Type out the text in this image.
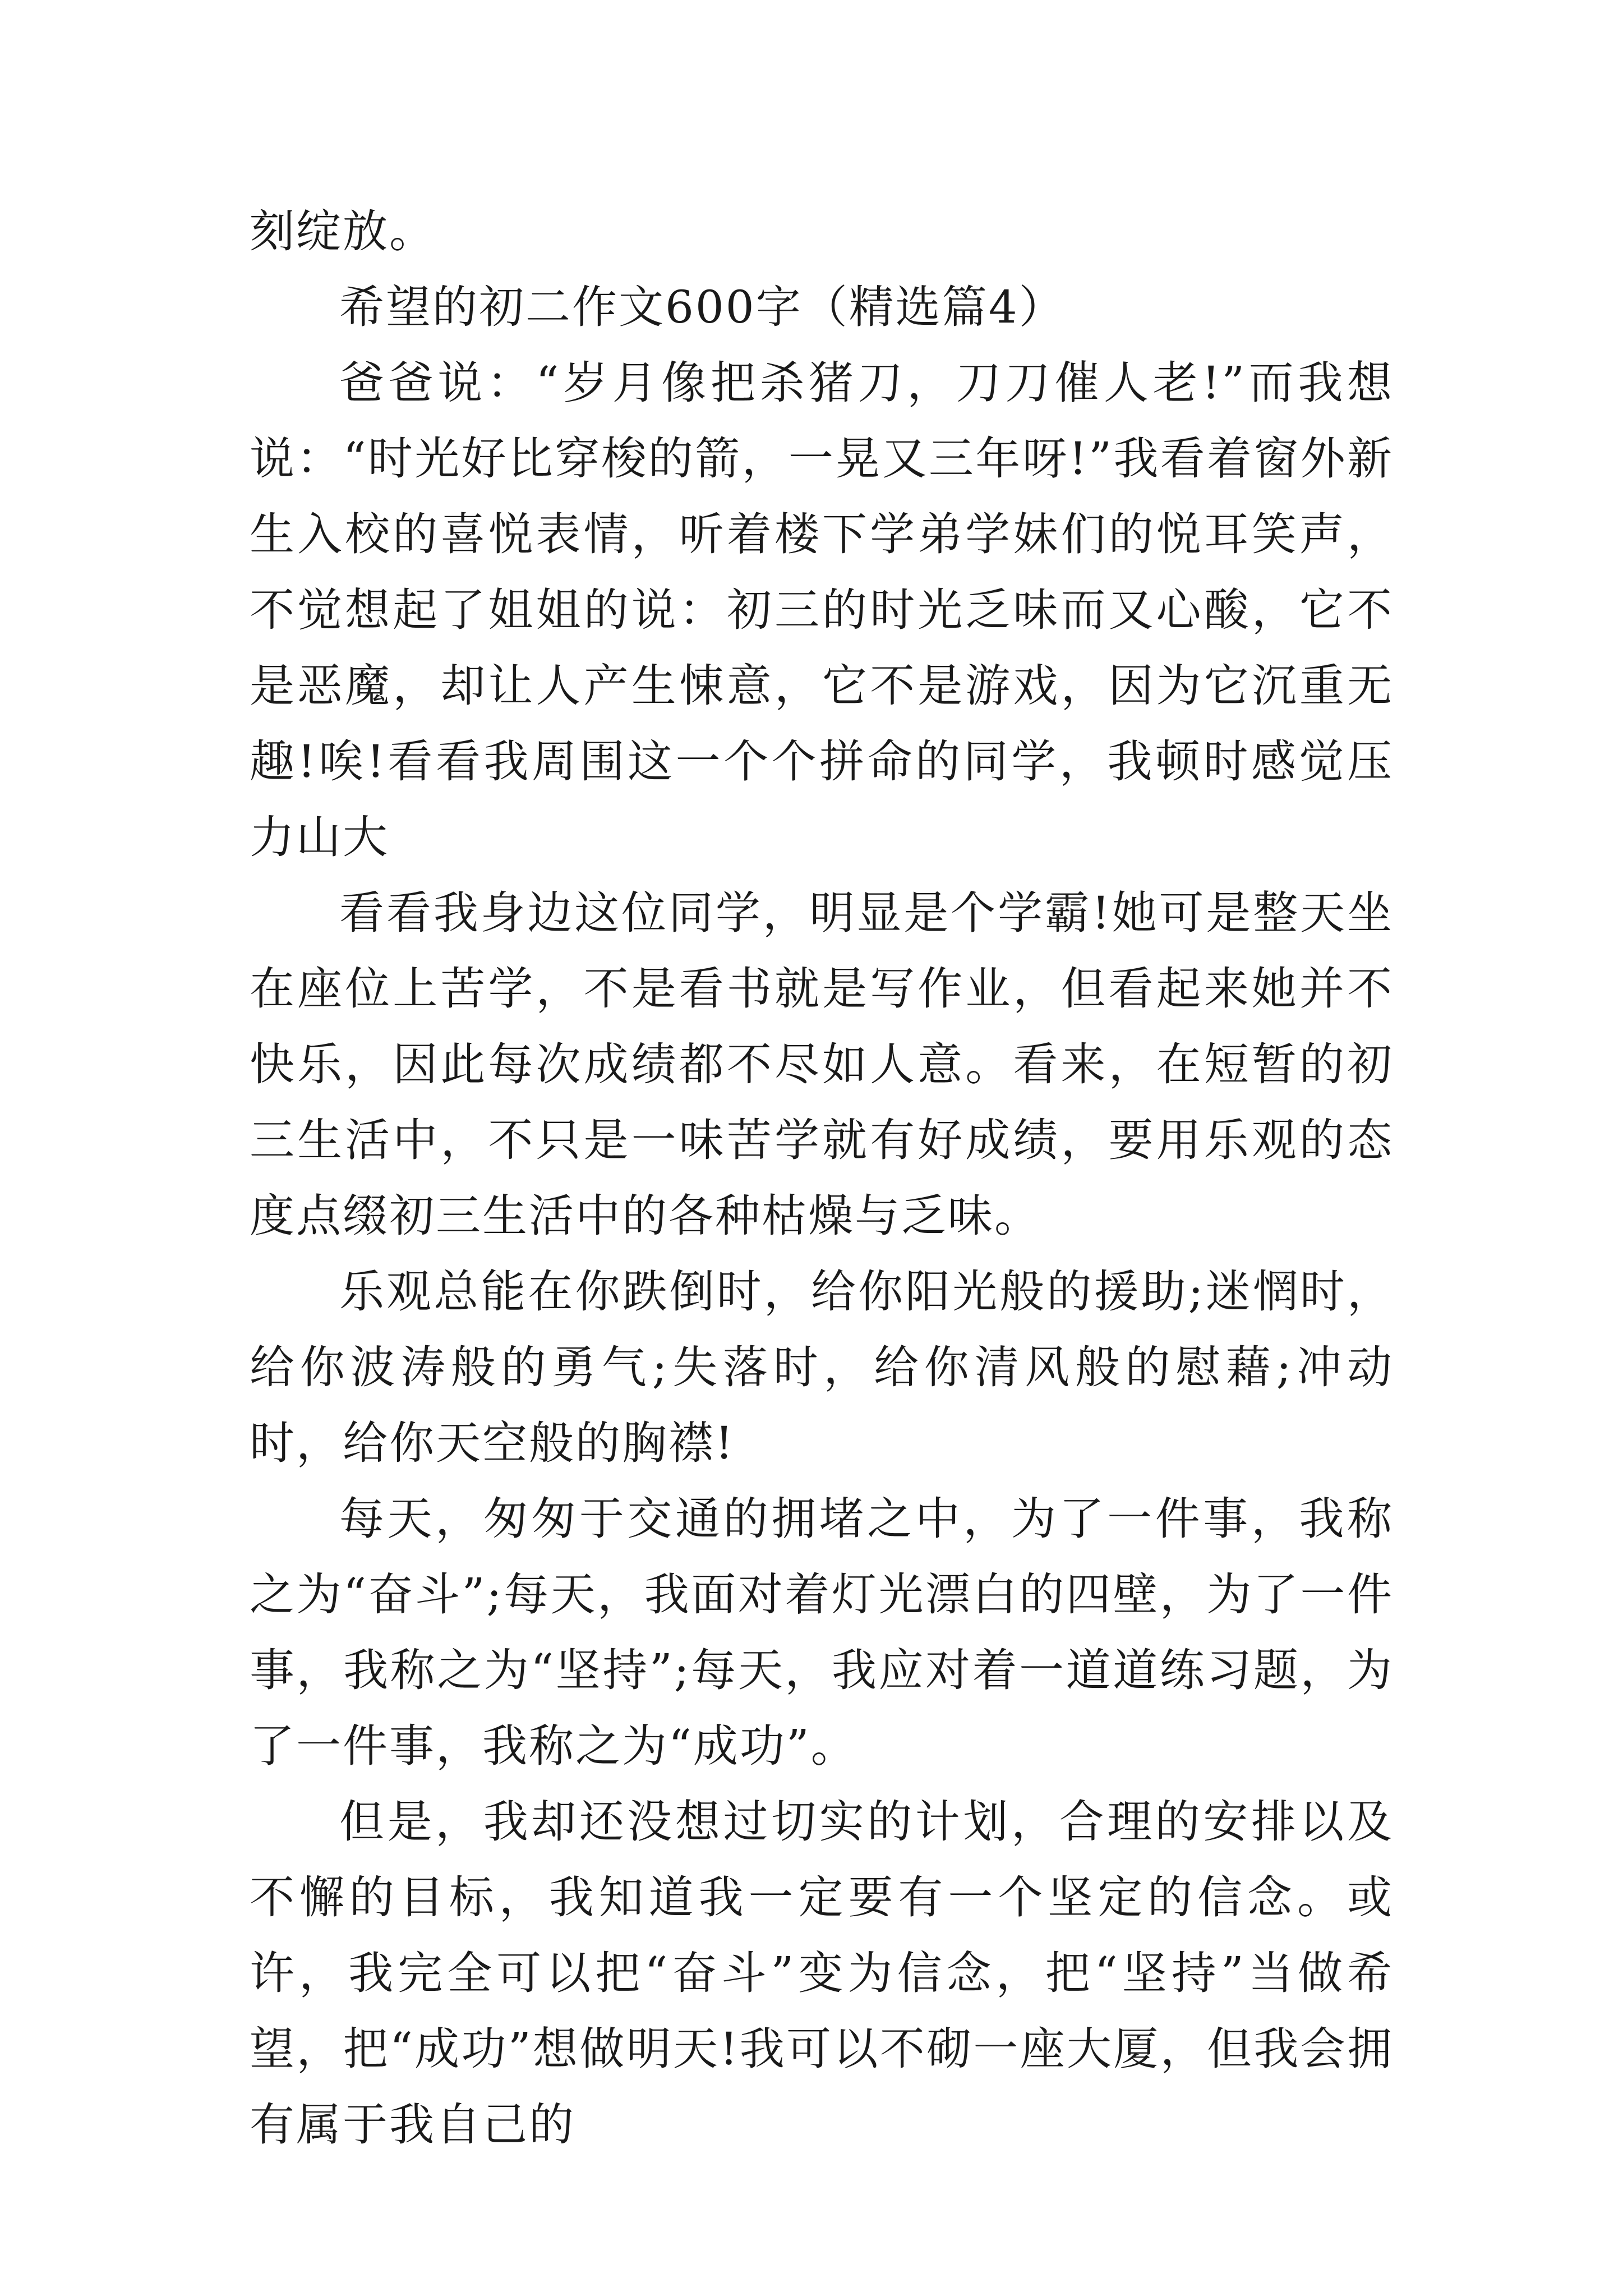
刻绽放。

希望的初二作文600字（精选篇4）

爸爸说：“岁月像把杀猪刀，刀刀催人老!”而我想说：“时光好比穿梭的箭，一晃又三年呀!”我看着窗外新生入校的喜悦表情，听着楼下学弟学妹们的悦耳笑声，不觉想起了姐姐的说：初三的时光乏味而又心酸，它不是恶魔，却让人产生悚意，它不是游戏，因为它沉重无趣!唉!看看我周围这一个个拼命的同学，我顿时感觉压力山大

看看我身边这位同学，明显是个学霸!她可是整天坐在座位上苦学，不是看书就是写作业，但看起来她并不快乐，因此每次成绩都不尽如人意。看来，在短暂的初三生活中，不只是一味苦学就有好成绩，要用乐观的态度点缀初三生活中的各种枯燥与乏味。

乐观总能在你跌倒时，给你阳光般的援助;迷惘时，给你波涛般的勇气;失落时，给你清风般的慰藉;冲动时，给你天空般的胸襟!

每天，匆匆于交通的拥堵之中，为了一件事，我称之为“奋斗”;每天，我面对着灯光漂白的四壁，为了一件事，我称之为“坚持”;每天，我应对着一道道练习题，为了一件事，我称之为“成功”。

但是，我却还没想过切实的计划，合理的安排以及不懈的目标，我知道我一定要有一个坚定的信念。或许，我完全可以把“奋斗”变为信念，把“坚持”当做希望，把“成功”想做明天!我可以不砌一座大厦，但我会拥有属于我自己的
